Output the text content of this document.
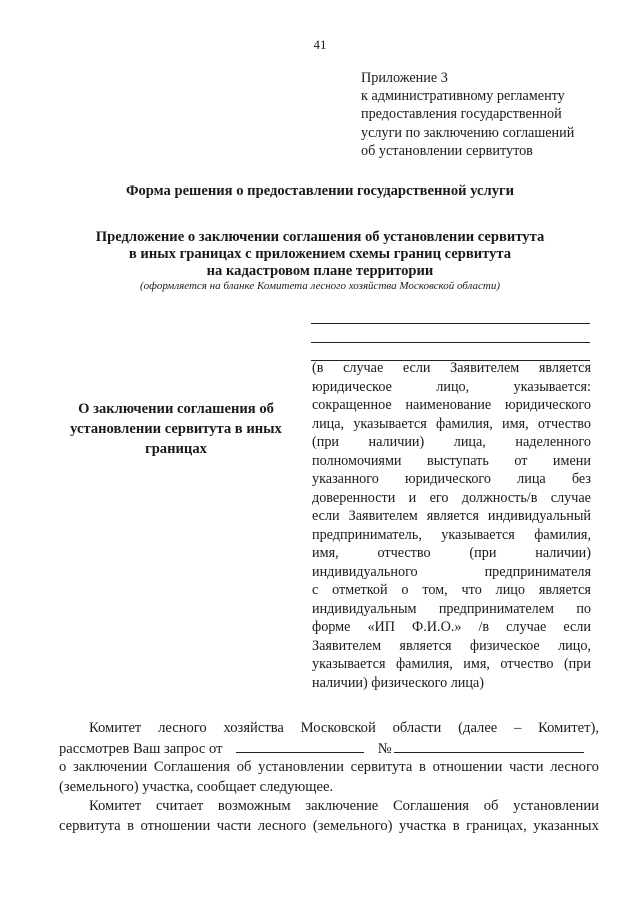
41
Приложение 3
к административному регламенту
предоставления государственной
услуги по заключению соглашений
об установлении сервитутов
Форма решения о предоставлении государственной услуги
Предложение о заключении соглашения об установлении сервитута
в иных границах с приложением схемы границ сервитута
на кадастровом плане территории
(оформляется на бланке Комитета лесного хозяйства Московской области)
О заключении соглашения об
установлении сервитута в иных
границах
(в случае если Заявителем является
юридическое	лицо,	указывается:
сокращенное наименование юридического
лица, указывается фамилия, имя, отчество
(при наличии) лица, наделенного
полномочиями выступать от имени
указанного юридического лица без
доверенности и его должность/в случае
если Заявителем является индивидуальный
предприниматель, указывается фамилия,
имя,	отчество	(при	наличии)
индивидуального	предпринимателя
с отметкой о том, что лицо является
индивидуальным предпринимателем по
форме «ИП Ф.И.О.» /в случае если
Заявителем является физическое лицо,
указывается фамилия, имя, отчество (при
наличии) физического лица)
Комитет лесного хозяйства Московской области (далее – Комитет),
рассмотрев Ваш запрос от	№
о заключении Соглашения об установлении сервитута в отношении части лесного
(земельного) участка, сообщает следующее.
Комитет считает возможным заключение Соглашения об установлении
сервитута в отношении части лесного (земельного) участка в границах, указанных
